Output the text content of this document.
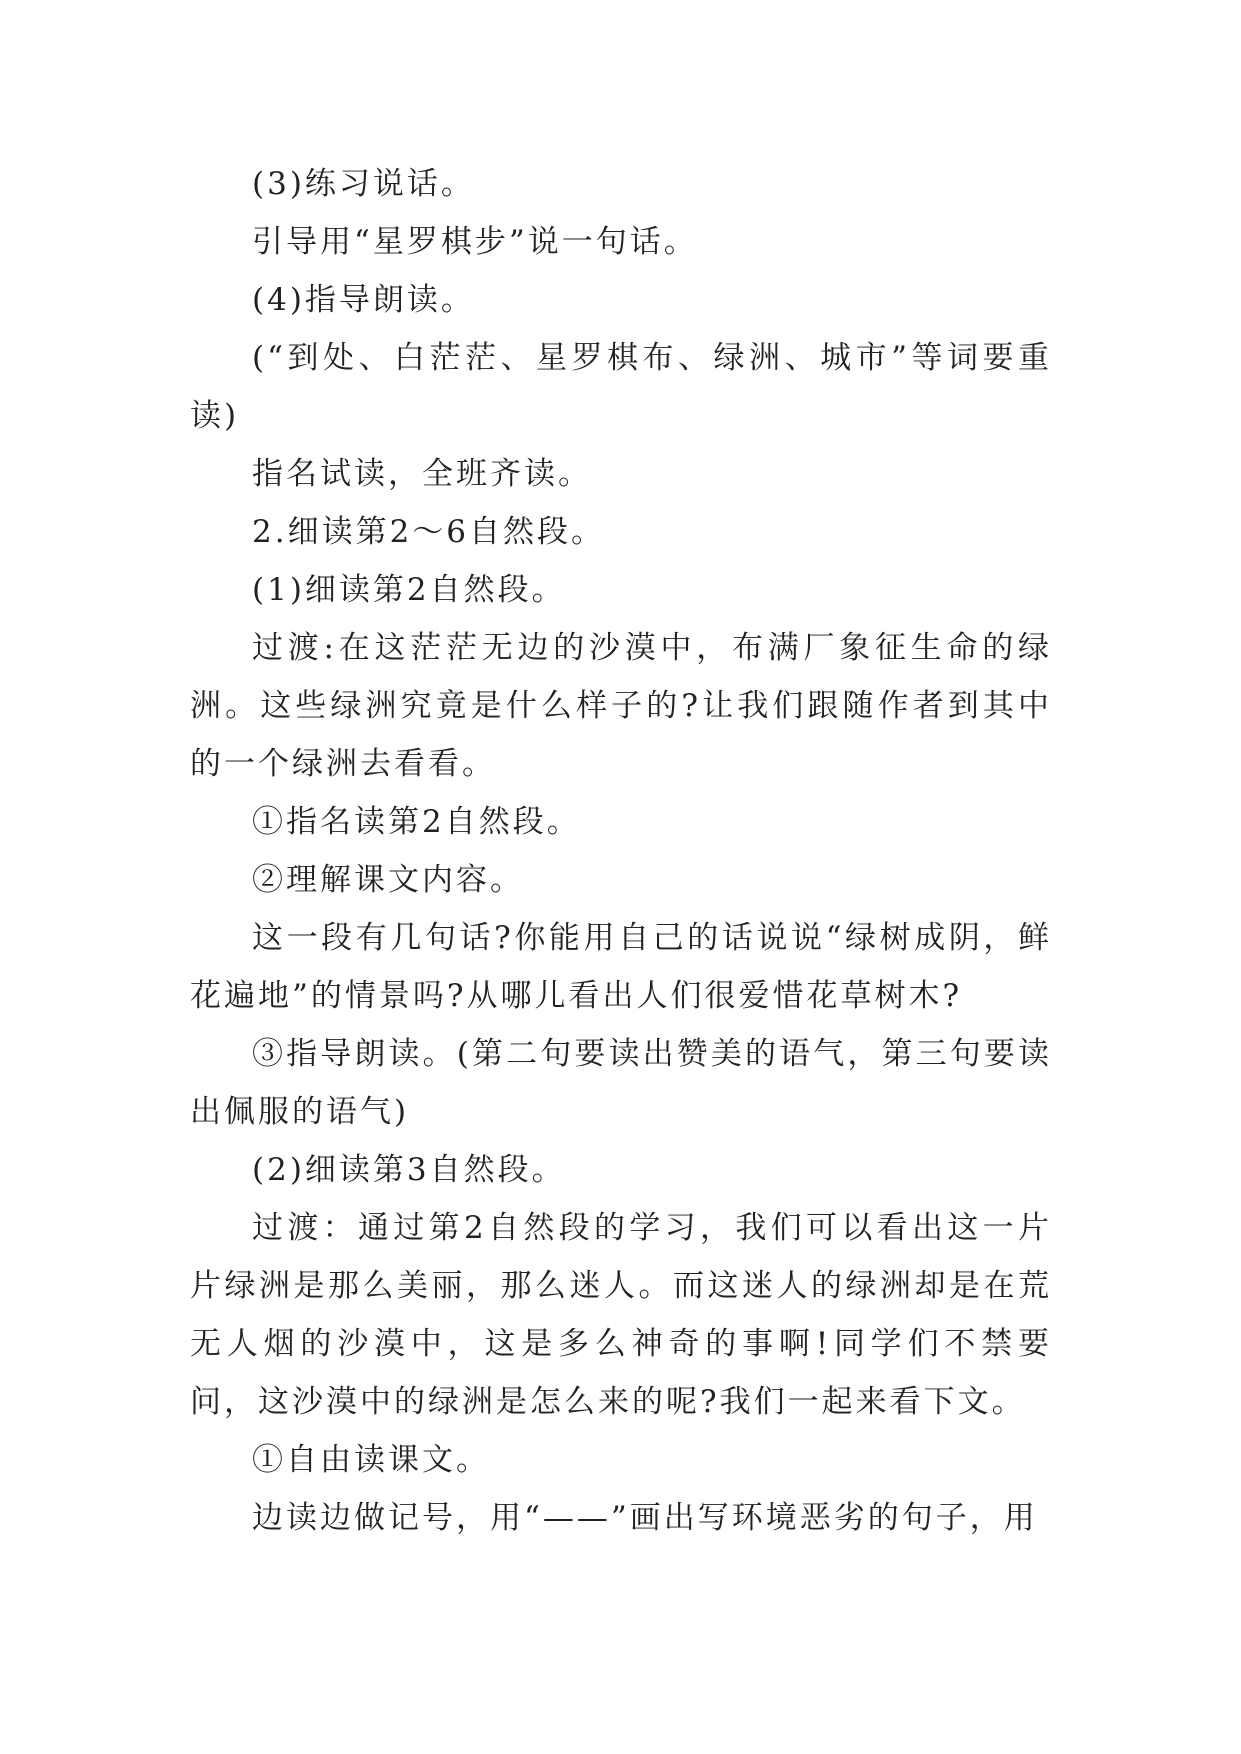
(3)练习说话。

引导用“星罗棋步”说一句话。

(4)指导朗读。

(“到处、白茫茫、星罗棋布、绿洲、城市”等词要重读)

指名试读，全班齐读。

2.细读第2～6自然段。

(1)细读第2自然段。

过渡:在这茫茫无边的沙漠中，布满厂象征生命的绿洲。这些绿洲究竟是什么样子的?让我们跟随作者到其中的一个绿洲去看看。

①指名读第2自然段。

②理解课文内容。

这一段有几句话?你能用自己的话说说“绿树成阴，鲜花遍地”的情景吗?从哪儿看出人们很爱惜花草树木?

③指导朗读。(第二句要读出赞美的语气，第三句要读出佩服的语气)

(2)细读第3自然段。

过渡：通过第2自然段的学习，我们可以看出这一片片绿洲是那么美丽，那么迷人。而这迷人的绿洲却是在荒无人烟的沙漠中，这是多么神奇的事啊!同学们不禁要问，这沙漠中的绿洲是怎么来的呢?我们一起来看下文。

①自由读课文。

边读边做记号，用“——”画出写环境恶劣的句子，用
